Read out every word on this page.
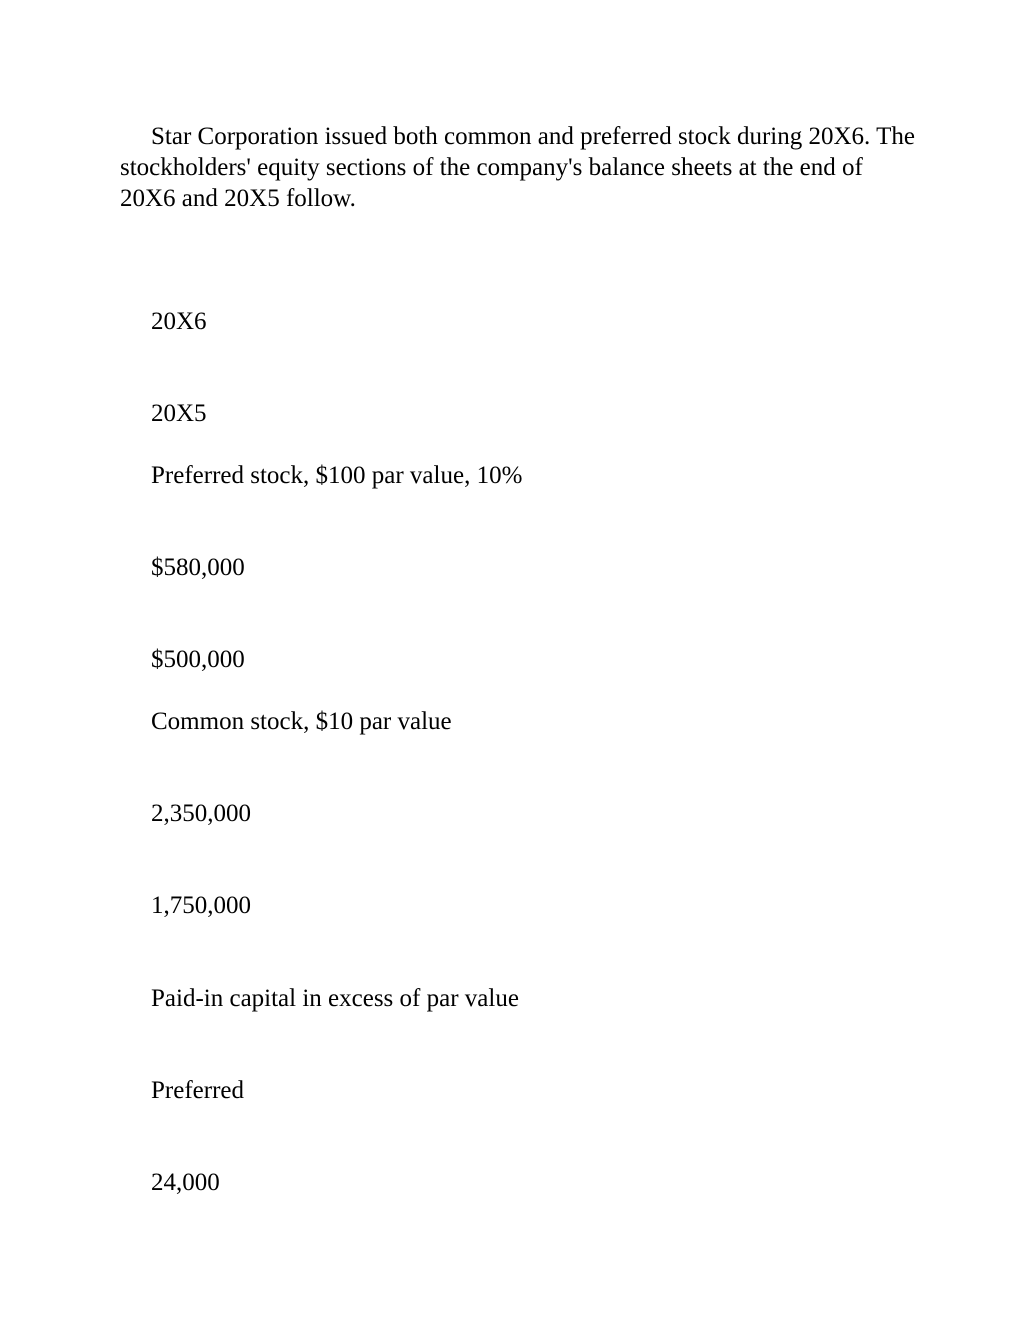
Star Corporation issued both common and preferred stock during 20X6. The stockholders' equity sections of the company's balance sheets at the end of 20X6 and 20X5 follow.

20X6

20X5

Preferred stock, $100 par value, 10%

$580,000

$500,000

Common stock, $10 par value

2,350,000

1,750,000

Paid-in capital in excess of par value

Preferred

24,000
